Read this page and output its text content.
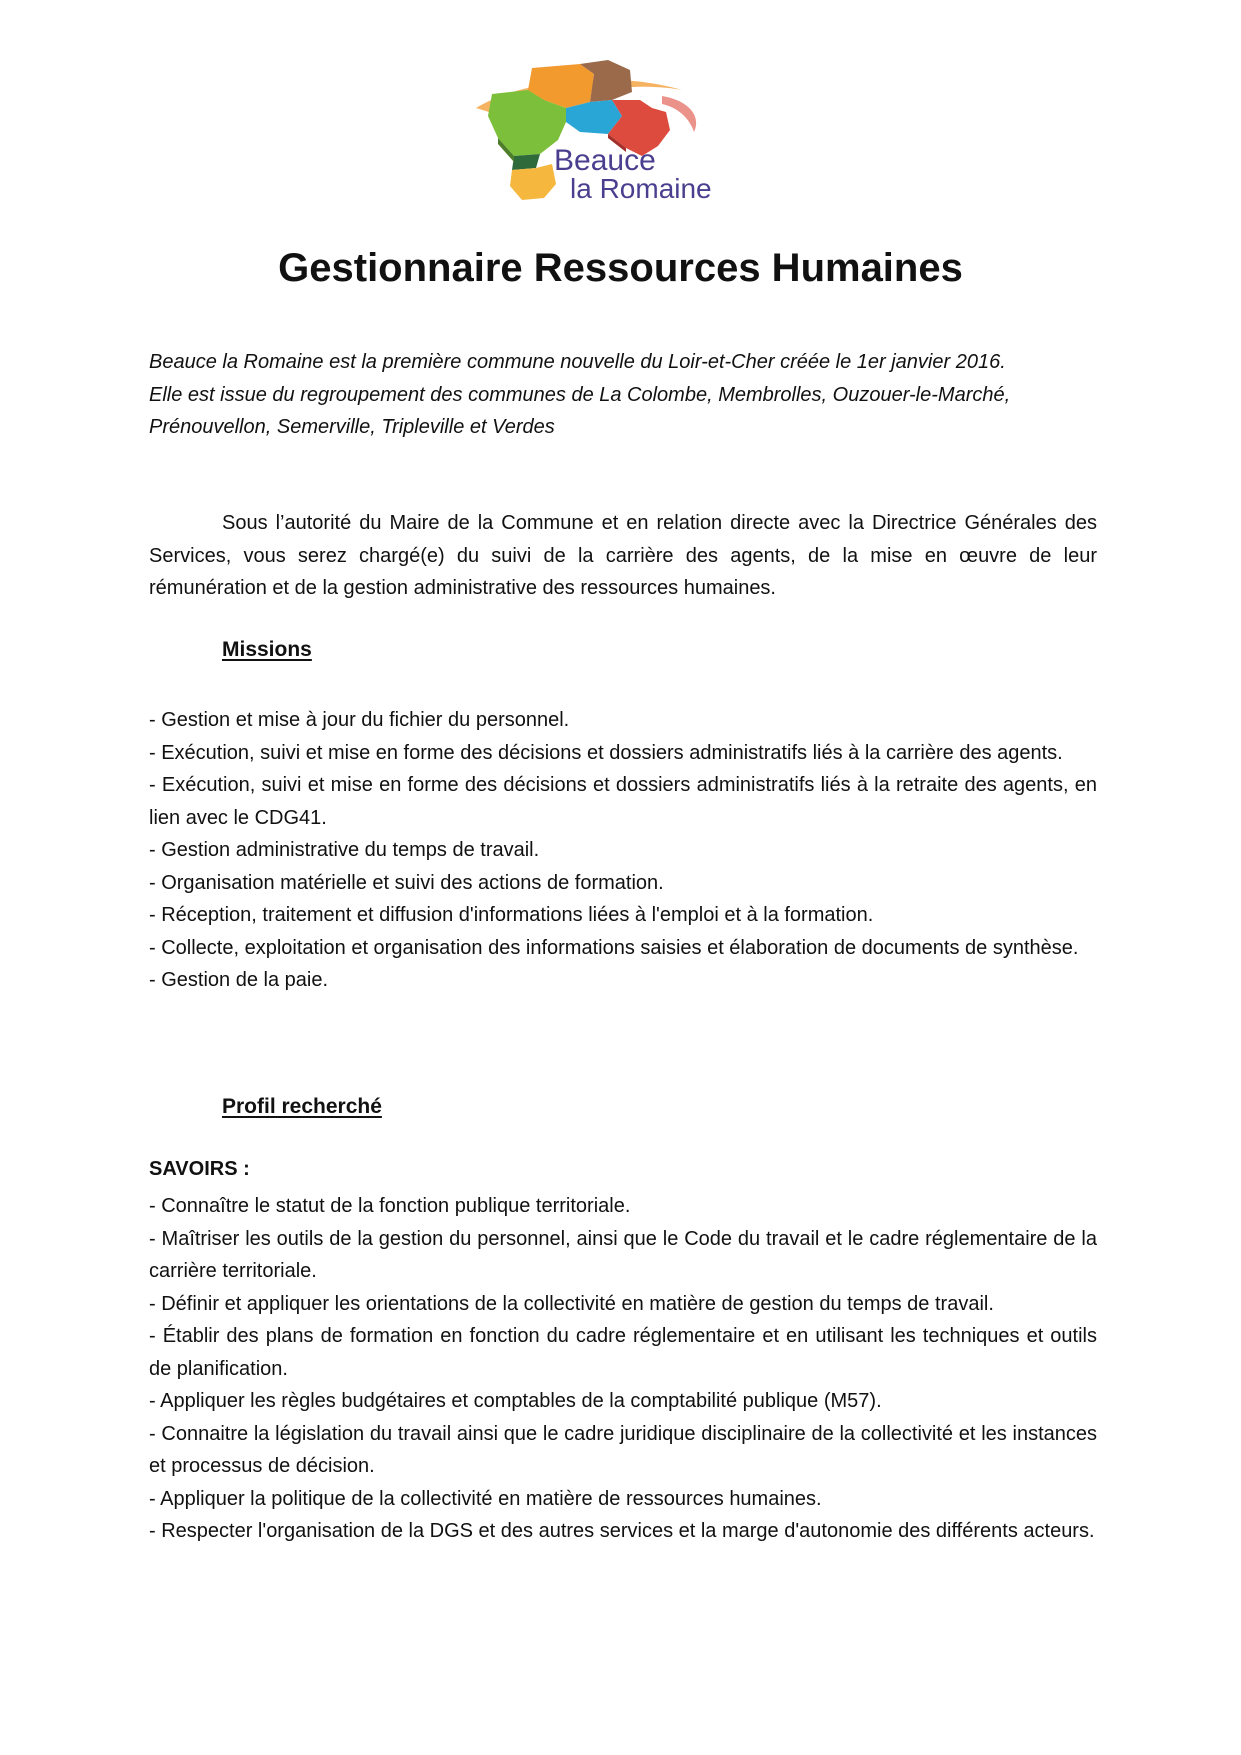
Beauce
la Romaine
Gestionnaire Ressources Humaines

Beauce la Romaine est la première commune nouvelle du Loir-et-Cher créée le 1er janvier 2016.

Elle est issue du regroupement des communes de La Colombe, Membrolles, Ouzouer-le-Marché,

Prénouvellon, Semerville, Tripleville et Verdes

Sous l’autorité du Maire de la Commune et en relation directe avec la Directrice Générales des Services, vous serez chargé(e) du suivi de la carrière des agents, de la mise en œuvre de leur rémunération et de la gestion administrative des ressources humaines.
Missions
- Gestion et mise à jour du fichier du personnel.
- Exécution, suivi et mise en forme des décisions et dossiers administratifs liés à la carrière des agents.
- Exécution, suivi et mise en forme des décisions et dossiers administratifs liés à la retraite des agents, en lien avec le CDG41.
- Gestion administrative du temps de travail.
- Organisation matérielle et suivi des actions de formation.
- Réception, traitement et diffusion d'informations liées à l'emploi et à la formation.
- Collecte, exploitation et organisation des informations saisies et élaboration de documents de synthèse.
- Gestion de la paie.
Profil recherché
SAVOIRS :
- Connaître le statut de la fonction publique territoriale.
- Maîtriser les outils de la gestion du personnel, ainsi que le Code du travail et le cadre réglementaire de la carrière territoriale.
- Définir et appliquer les orientations de la collectivité en matière de gestion du temps de travail.
- Établir des plans de formation en fonction du cadre réglementaire et en utilisant les techniques et outils de planification.
- Appliquer les règles budgétaires et comptables de la comptabilité publique (M57).
- Connaitre la législation du travail ainsi que le cadre juridique disciplinaire de la collectivité et les instances et processus de décision.
- Appliquer la politique de la collectivité en matière de ressources humaines.
- Respecter l'organisation de la DGS et des autres services et la marge d'autonomie des différents acteurs.
